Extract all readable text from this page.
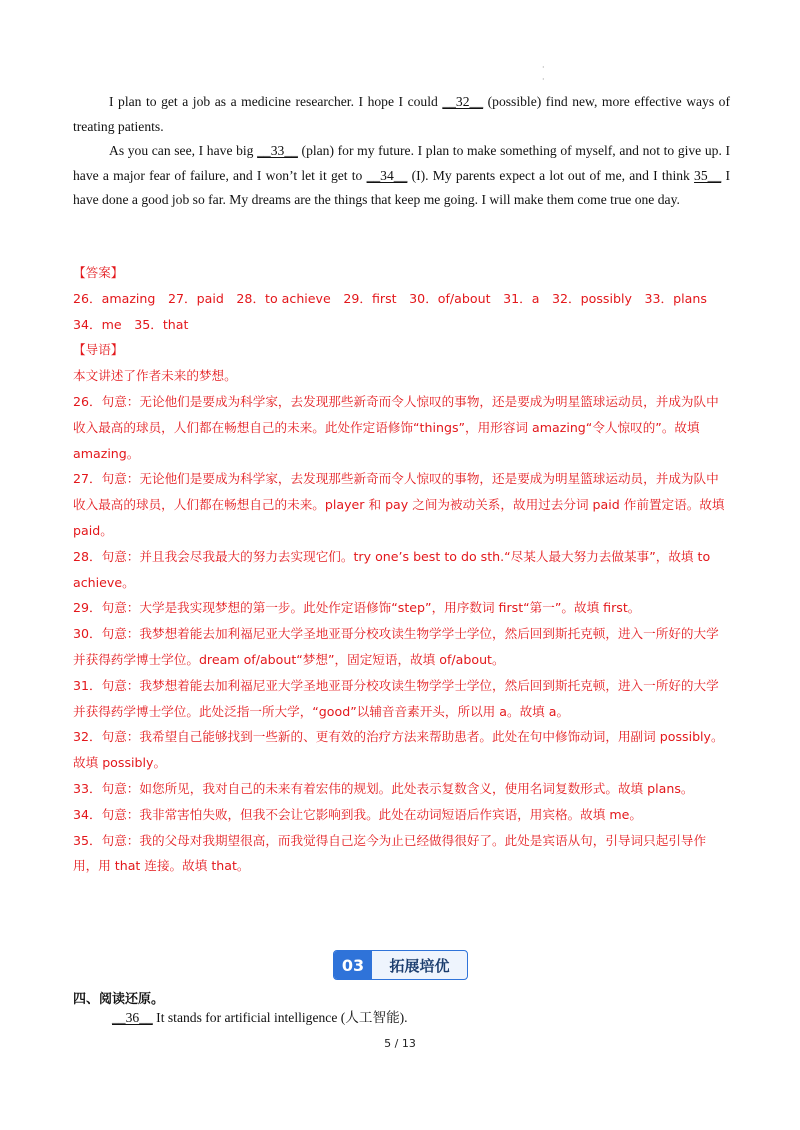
·
·

I plan to get a job as a medicine researcher. I hope I could __32__ (possible) find new, more effective ways of treating patients.

As you can see, I have big __33__ (plan) for my future. I plan to make something of myself, and not to give up. I have a major fear of failure, and I won’t let it get to __34__ (I). My parents expect a lot out of me, and I think 35__ I have done a good job so far. My dreams are the things that keep me going. I will make them come true one day.

【答案】

26．amazing　27．paid　28．to achieve　29．first　30．of/about　31．a　32．possibly　33．plans　34．me　35．that

【导语】

本文讲述了作者未来的梦想。

26．句意：无论他们是要成为科学家，去发现那些新奇而令人惊叹的事物，还是要成为明星篮球运动员，并成为队中收入最高的球员，人们都在畅想自己的未来。此处作定语修饰“things”，用形容词 amazing“令人惊叹的”。故填 amazing。

27．句意：无论他们是要成为科学家，去发现那些新奇而令人惊叹的事物，还是要成为明星篮球运动员，并成为队中收入最高的球员，人们都在畅想自己的未来。player 和 pay 之间为被动关系，故用过去分词 paid 作前置定语。故填 paid。

28．句意：并且我会尽我最大的努力去实现它们。try one’s best to do sth.“尽某人最大努力去做某事”，故填 to achieve。

29．句意：大学是我实现梦想的第一步。此处作定语修饰“step”，用序数词 first“第一”。故填 first。

30．句意：我梦想着能去加利福尼亚大学圣地亚哥分校攻读生物学学士学位，然后回到斯托克顿，进入一所好的大学并获得药学博士学位。dream of/about“梦想”，固定短语，故填 of/about。

31．句意：我梦想着能去加利福尼亚大学圣地亚哥分校攻读生物学学士学位，然后回到斯托克顿，进入一所好的大学并获得药学博士学位。此处泛指一所大学，“good”以辅音音素开头，所以用 a。故填 a。

32．句意：我希望自己能够找到一些新的、更有效的治疗方法来帮助患者。此处在句中修饰动词，用副词 possibly。故填 possibly。

33．句意：如您所见，我对自己的未来有着宏伟的规划。此处表示复数含义，使用名词复数形式。故填 plans。

34．句意：我非常害怕失败，但我不会让它影响到我。此处在动词短语后作宾语，用宾格。故填 me。

35．句意：我的父母对我期望很高，而我觉得自己迄今为止已经做得很好了。此处是宾语从句，引导词只起引导作用，用 that 连接。故填 that。

03	拓展培优
四、阅读还原。
__36__ It stands for artificial intelligence (人工智能).
5 / 13
